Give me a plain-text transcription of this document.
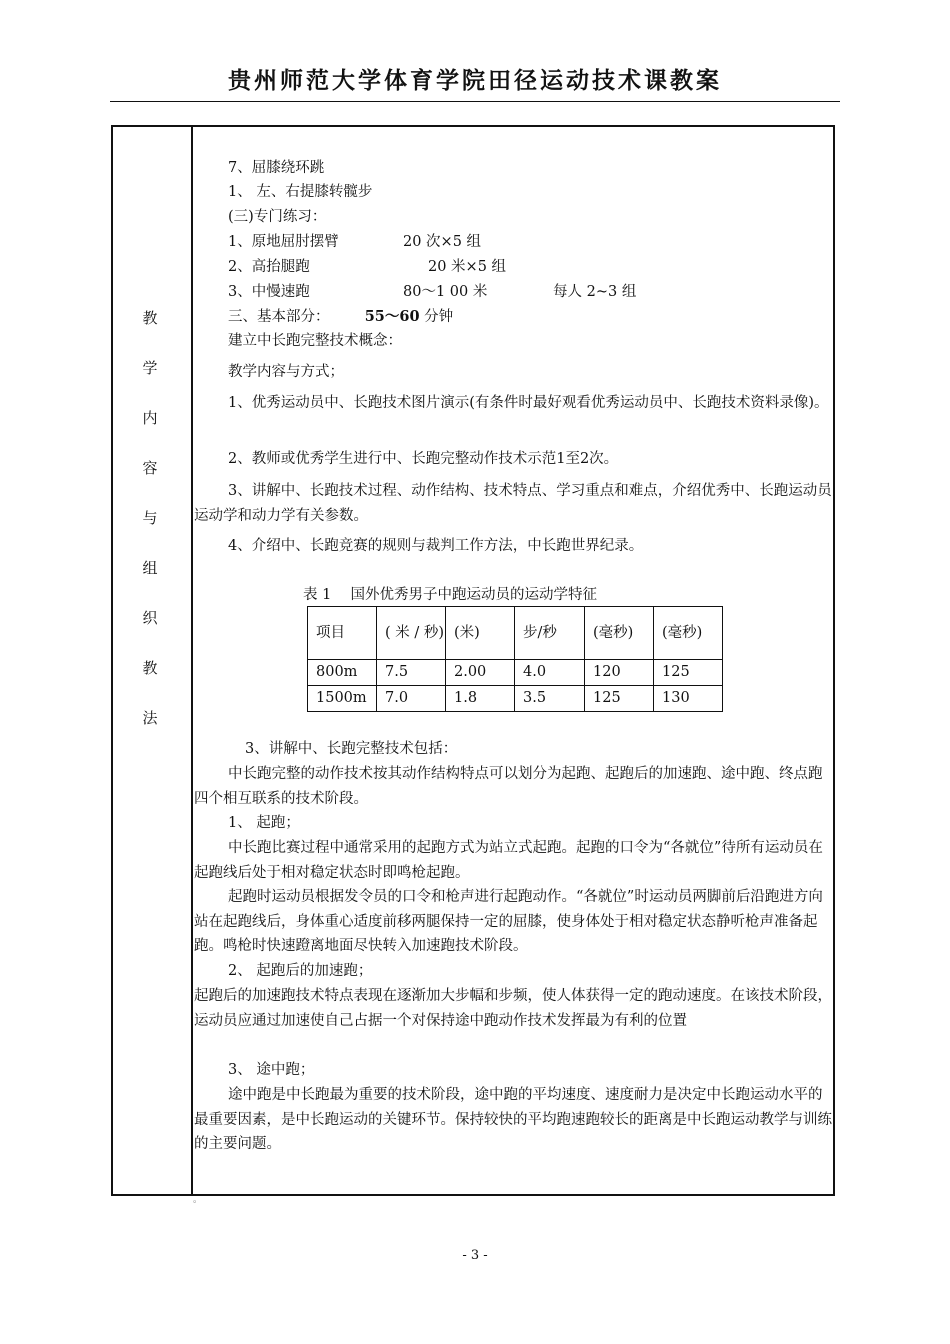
贵州师范大学体育学院田径运动技术课教案
教
学
内
容
与
组
织
教
法
7、屈膝绕环跳
1、 左、右提膝转髋步
(三)专门练习：
1、原地屈肘摆臂	20 次×5 组
2、高抬腿跑	20 米×5 组
3、中慢速跑	80～1 00 米	每人 2~3 组
三、基本部分： 55～60 分钟
建立中长跑完整技术概念：
教学内容与方式；
1、优秀运动员中、长跑技术图片演示(有条件时最好观看优秀运动员中、长跑技术资料录像)。
2、教师或优秀学生进行中、长跑完整动作技术示范1至2次。
3、讲解中、长跑技术过程、动作结构、技术特点、学习重点和难点，介绍优秀中、长跑运动员运动学和动力学有关参数。
4、介绍中、长跑竞赛的规则与裁判工作方法，中长跑世界纪录。
表 1　 国外优秀男子中跑运动员的运动学特征
项目	( 米 / 秒)	(米)	步/秒	(毫秒)	(毫秒)
800m	7.5	2.00	4.0	120	125
1500m	7.0	1.8	3.5	125	130
3、讲解中、长跑完整技术包括：
中长跑完整的动作技术按其动作结构特点可以划分为起跑、起跑后的加速跑、途中跑、终点跑四个相互联系的技术阶段。
1、 起跑；
中长跑比赛过程中通常采用的起跑方式为站立式起跑。起跑的口令为“各就位”待所有运动员在起跑线后处于相对稳定状态时即鸣枪起跑。
起跑时运动员根据发令员的口令和枪声进行起跑动作。“各就位”时运动员两脚前后沿跑进方向站在起跑线后，身体重心适度前移两腿保持一定的屈膝，使身体处于相对稳定状态静听枪声准备起跑。鸣枪时快速蹬离地面尽快转入加速跑技术阶段。
2、 起跑后的加速跑；
起跑后的加速跑技术特点表现在逐渐加大步幅和步频，使人体获得一定的跑动速度。在该技术阶段，运动员应通过加速使自己占据一个对保持途中跑动作技术发挥最为有利的位置
3、 途中跑；
途中跑是中长跑最为重要的技术阶段，途中跑的平均速度、速度耐力是决定中长跑运动水平的最重要因素，是中长跑运动的关键环节。保持较快的平均跑速跑较长的距离是中长跑运动教学与训练的主要问题。
。
- 3 -
